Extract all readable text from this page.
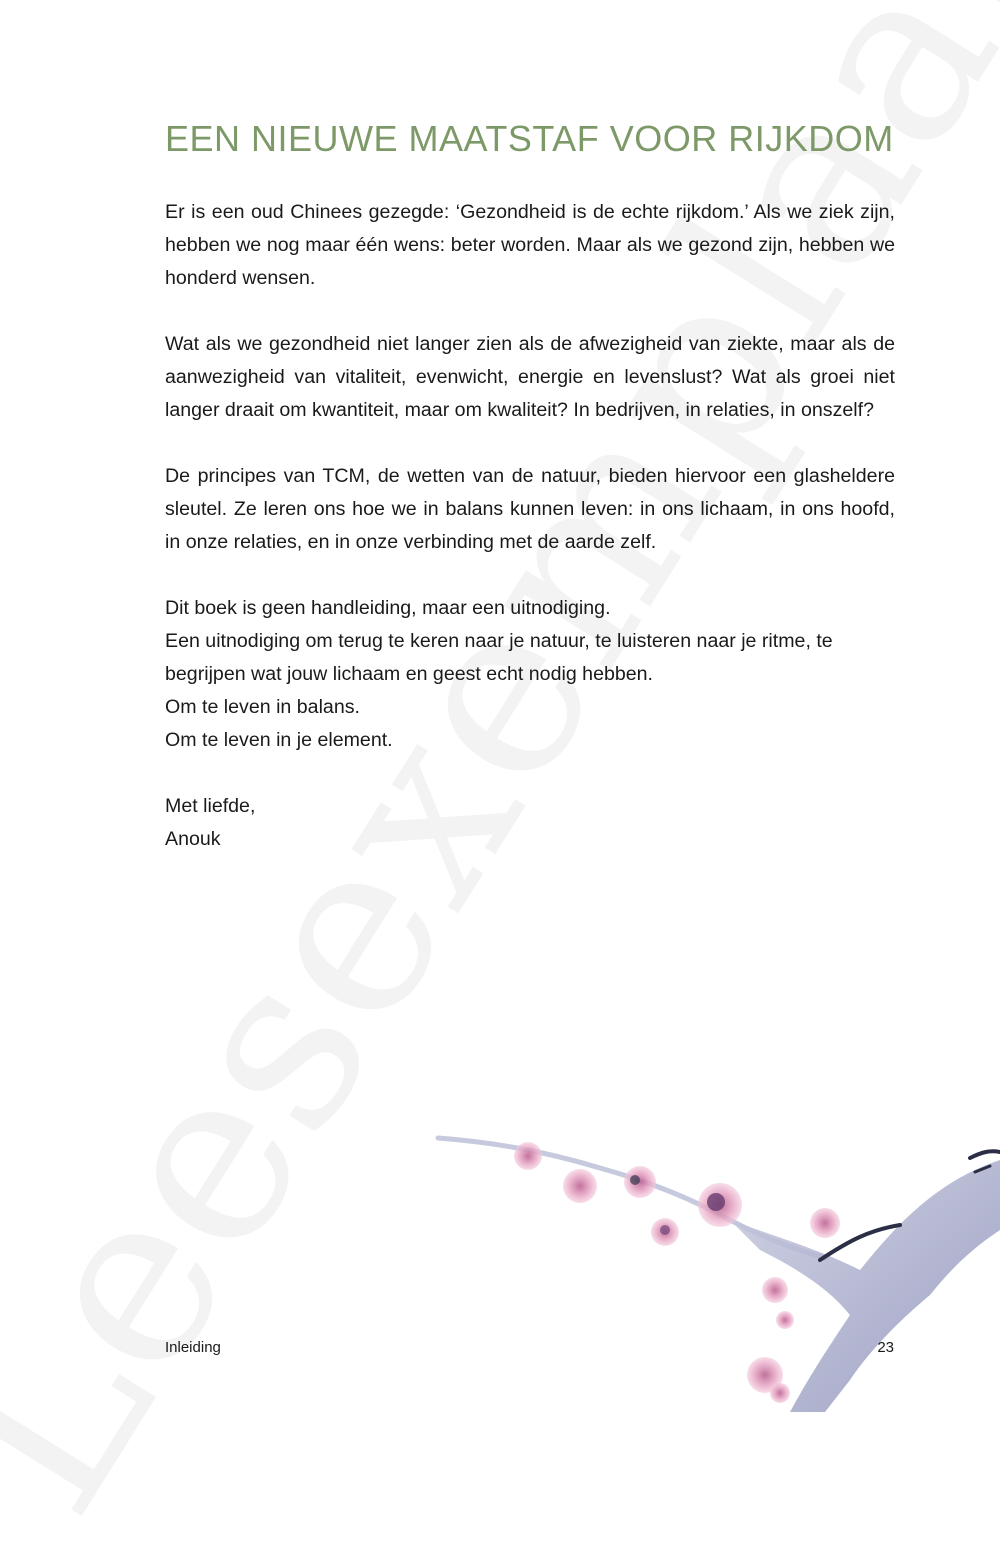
EEN NIEUWE MAATSTAF VOOR RIJKDOM

Er is een oud Chinees gezegde: ‘Gezondheid is de echte rijkdom.’ Als we ziek zijn, hebben we nog maar één wens: beter worden. Maar als we gezond zijn, hebben we honderd wensen.

Wat als we gezondheid niet langer zien als de afwezigheid van ziekte, maar als de aanwezigheid van vitaliteit, evenwicht, energie en levenslust? Wat als groei niet langer draait om kwantiteit, maar om kwaliteit? In bedrijven, in relaties, in onszelf?

De principes van TCM, de wetten van de natuur, bieden hiervoor een glasheldere sleutel. Ze leren ons hoe we in balans kunnen leven: in ons lichaam, in ons hoofd, in onze relaties, en in onze verbinding met de aarde zelf.

Dit boek is geen handleiding, maar een uitnodiging.
Een uitnodiging om terug te keren naar je natuur, te luisteren naar je ritme, te begrijpen wat jouw lichaam en geest echt nodig hebben.
Om te leven in balans.
Om te leven in je element.

Met liefde,
Anouk
Inleiding	23
